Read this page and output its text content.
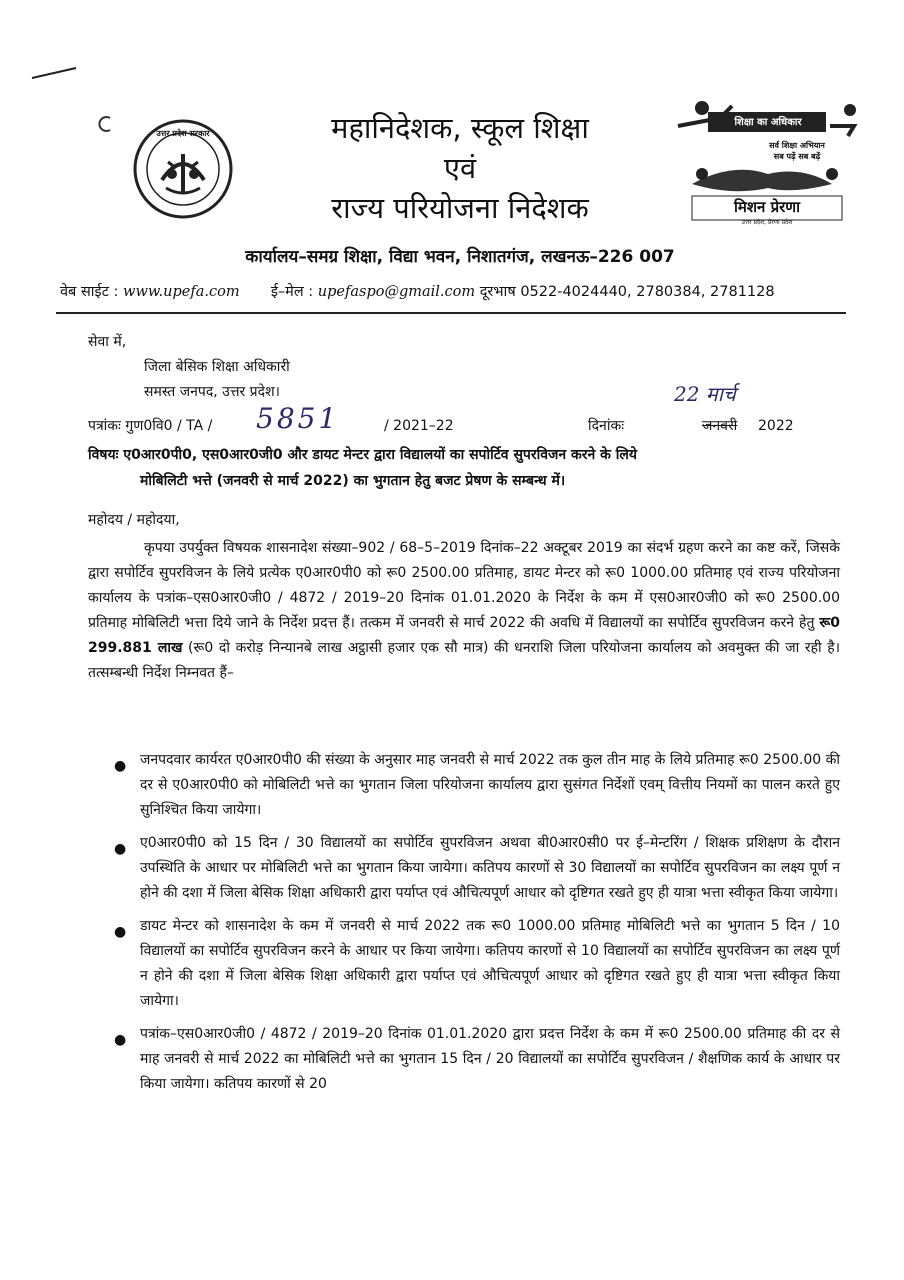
उत्तर प्रदेश सरकार	महानिदेशक, स्कूल शिक्षा
एवं
राज्य परियोजना निदेशक
शिक्षा का अधिकार
सर्व शिक्षा अभियान
सब पढ़ें सब बढ़ें
मिशन प्रेरणा
उत्तर प्रदेश, प्रेरणा प्रदेश
कार्यालय–समग्र शिक्षा, विद्या भवन, निशातगंज, लखनऊ–226 007
वेब साईट : www.upefa.com ई–मेल : upefaspo@gmail.com दूरभाष 0522-4024440, 2780384, 2781128
सेवा में,
जिला बेसिक शिक्षा अधिकारी
समस्त जनपद, उत्तर प्रदेश।
पत्रांकः गुण0वि0 / TA / 5851	/ 2021–22	दिनांकः
22 मार्च
जनवरी 2022
विषयः ए0आर0पी0, एस0आर0जी0 और डायट मेन्टर द्वारा विद्यालयों का सपोर्टिव सुपरविजन करने के लिये
मोबिलिटी भत्ते (जनवरी से मार्च 2022) का भुगतान हेतु बजट प्रेषण के सम्बन्ध में।
महोदय / महोदया,
कृपया उपर्युक्त विषयक शासनादेश संख्या–902 / 68–5–2019 दिनांक–22 अक्टूबर 2019 का संदर्भ ग्रहण करने का कष्ट करें, जिसके द्वारा सपोर्टिव सुपरविजन के लिये प्रत्येक ए0आर0पी0 को रू0 2500.00 प्रतिमाह, डायट मेन्टर को रू0 1000.00 प्रतिमाह एवं राज्य परियोजना कार्यालय के पत्रांक–एस0आर0जी0 / 4872 / 2019–20 दिनांक 01.01.2020 के निर्देश के कम में एस0आर0जी0 को रू0 2500.00 प्रतिमाह मोबिलिटी भत्ता दिये जाने के निर्देश प्रदत्त हैं। तत्कम में जनवरी से मार्च 2022 की अवधि में विद्यालयों का सपोर्टिव सुपरविजन करने हेतु रू0 299.881 लाख (रू0 दो करोड़ निन्यानबे लाख अट्ठासी हजार एक सौ मात्र) की धनराशि जिला परियोजना कार्यालय को अवमुक्त की जा रही है। तत्सम्बन्धी निर्देश निम्नवत हैं–
● जनपदवार कार्यरत ए0आर0पी0 की संख्या के अनुसार माह जनवरी से मार्च 2022 तक कुल तीन माह के लिये प्रतिमाह रू0 2500.00 की दर से ए0आर0पी0 को मोबिलिटी भत्ते का भुगतान जिला परियोजना कार्यालय द्वारा सुसंगत निर्देशों एवम् वित्तीय नियमों का पालन करते हुए सुनिश्चित किया जायेगा।
● ए0आर0पी0 को 15 दिन / 30 विद्यालयों का सपोर्टिव सुपरविजन अथवा बी0आर0सी0 पर ई–मेन्टरिंग / शिक्षक प्रशिक्षण के दौरान उपस्थिति के आधार पर मोबिलिटी भत्ते का भुगतान किया जायेगा। कतिपय कारणों से 30 विद्यालयों का सपोर्टिव सुपरविजन का लक्ष्य पूर्ण न होने की दशा में जिला बेसिक शिक्षा अधिकारी द्वारा पर्याप्त एवं औचित्यपूर्ण आधार को दृष्टिगत रखते हुए ही यात्रा भत्ता स्वीकृत किया जायेगा।
● डायट मेन्टर को शासनादेश के कम में जनवरी से मार्च 2022 तक रू0 1000.00 प्रतिमाह मोबिलिटी भत्ते का भुगतान 5 दिन / 10 विद्यालयों का सपोर्टिव सुपरविजन करने के आधार पर किया जायेगा। कतिपय कारणों से 10 विद्यालयों का सपोर्टिव सुपरविजन का लक्ष्य पूर्ण न होने की दशा में जिला बेसिक शिक्षा अधिकारी द्वारा पर्याप्त एवं औचित्यपूर्ण आधार को दृष्टिगत रखते हुए ही यात्रा भत्ता स्वीकृत किया जायेगा।
● पत्रांक–एस0आर0जी0 / 4872 / 2019–20 दिनांक 01.01.2020 द्वारा प्रदत्त निर्देश के कम में रू0 2500.00 प्रतिमाह की दर से माह जनवरी से मार्च 2022 का मोबिलिटी भत्ते का भुगतान 15 दिन / 20 विद्यालयों का सपोर्टिव सुपरविजन / शैक्षणिक कार्य के आधार पर किया जायेगा। कतिपय कारणों से 20
